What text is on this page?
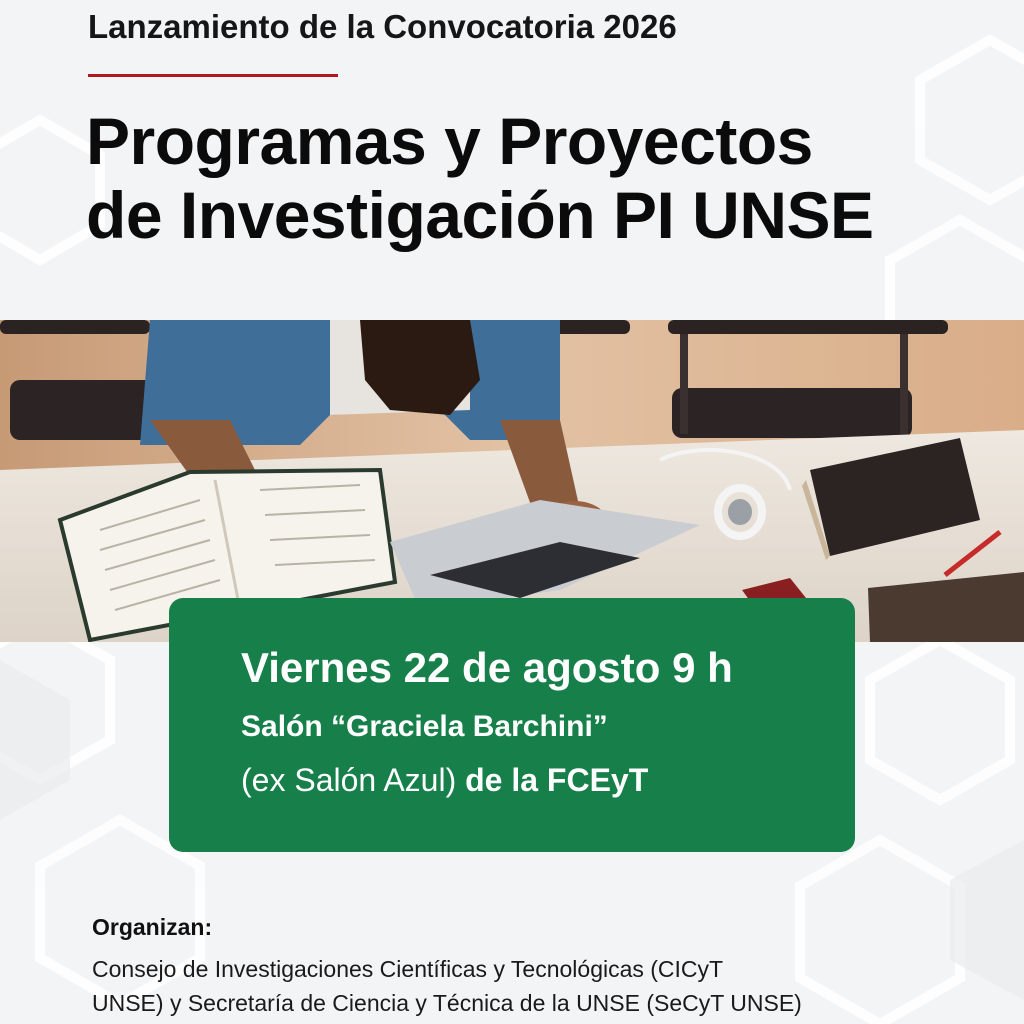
Lanzamiento de la Convocatoria 2026
Programas y Proyectos
de Investigación PI UNSE
Viernes 22 de agosto 9 h
Salón “Graciela Barchini”
(ex Salón Azul) de la FCEyT
Organizan:
Consejo de Investigaciones Científicas y Tecnológicas (CICyT
UNSE) y Secretaría de Ciencia y Técnica de la UNSE (SeCyT UNSE)
